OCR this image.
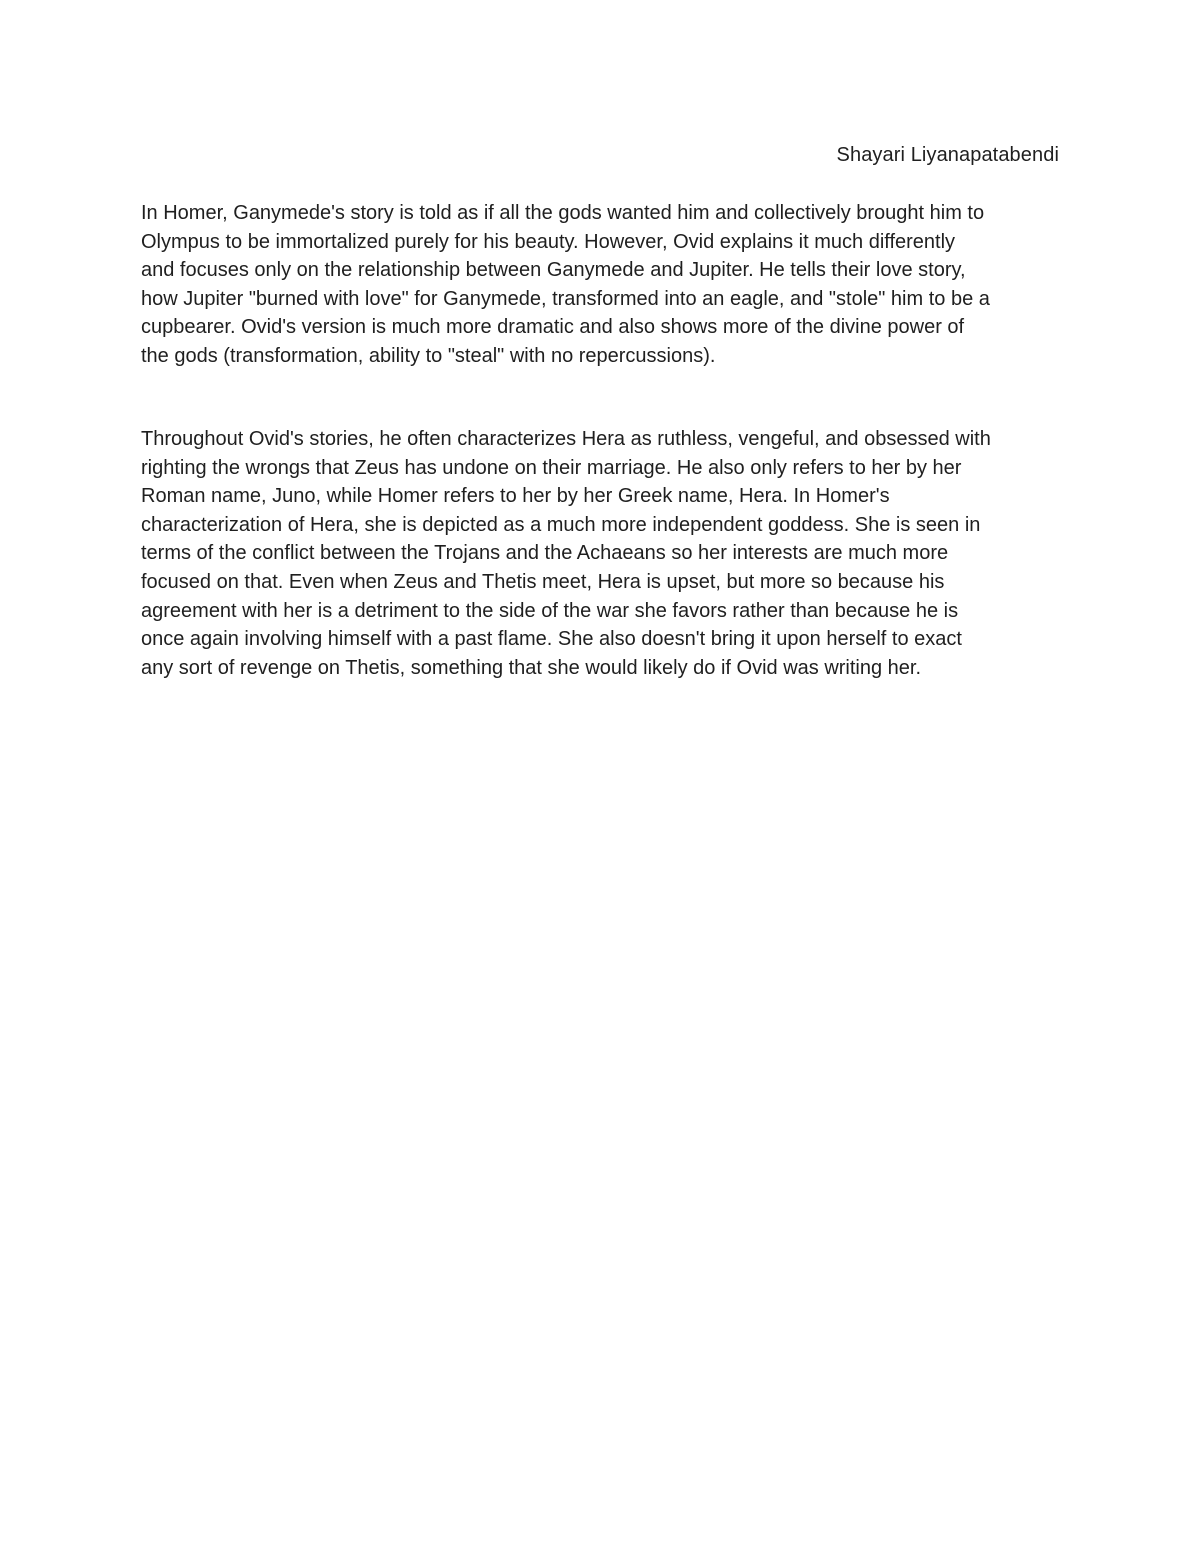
Shayari Liyanapatabendi

In Homer, Ganymede's story is told as if all the gods wanted him and collectively brought him to
Olympus to be immortalized purely for his beauty. However, Ovid explains it much differently
and focuses only on the relationship between Ganymede and Jupiter. He tells their love story,
how Jupiter "burned with love" for Ganymede, transformed into an eagle, and "stole" him to be a
cupbearer. Ovid's version is much more dramatic and also shows more of the divine power of
the gods (transformation, ability to "steal" with no repercussions).

Throughout Ovid's stories, he often characterizes Hera as ruthless, vengeful, and obsessed with
righting the wrongs that Zeus has undone on their marriage. He also only refers to her by her
Roman name, Juno, while Homer refers to her by her Greek name, Hera. In Homer's
characterization of Hera, she is depicted as a much more independent goddess. She is seen in
terms of the conflict between the Trojans and the Achaeans so her interests are much more
focused on that. Even when Zeus and Thetis meet, Hera is upset, but more so because his
agreement with her is a detriment to the side of the war she favors rather than because he is
once again involving himself with a past flame. She also doesn't bring it upon herself to exact
any sort of revenge on Thetis, something that she would likely do if Ovid was writing her.
